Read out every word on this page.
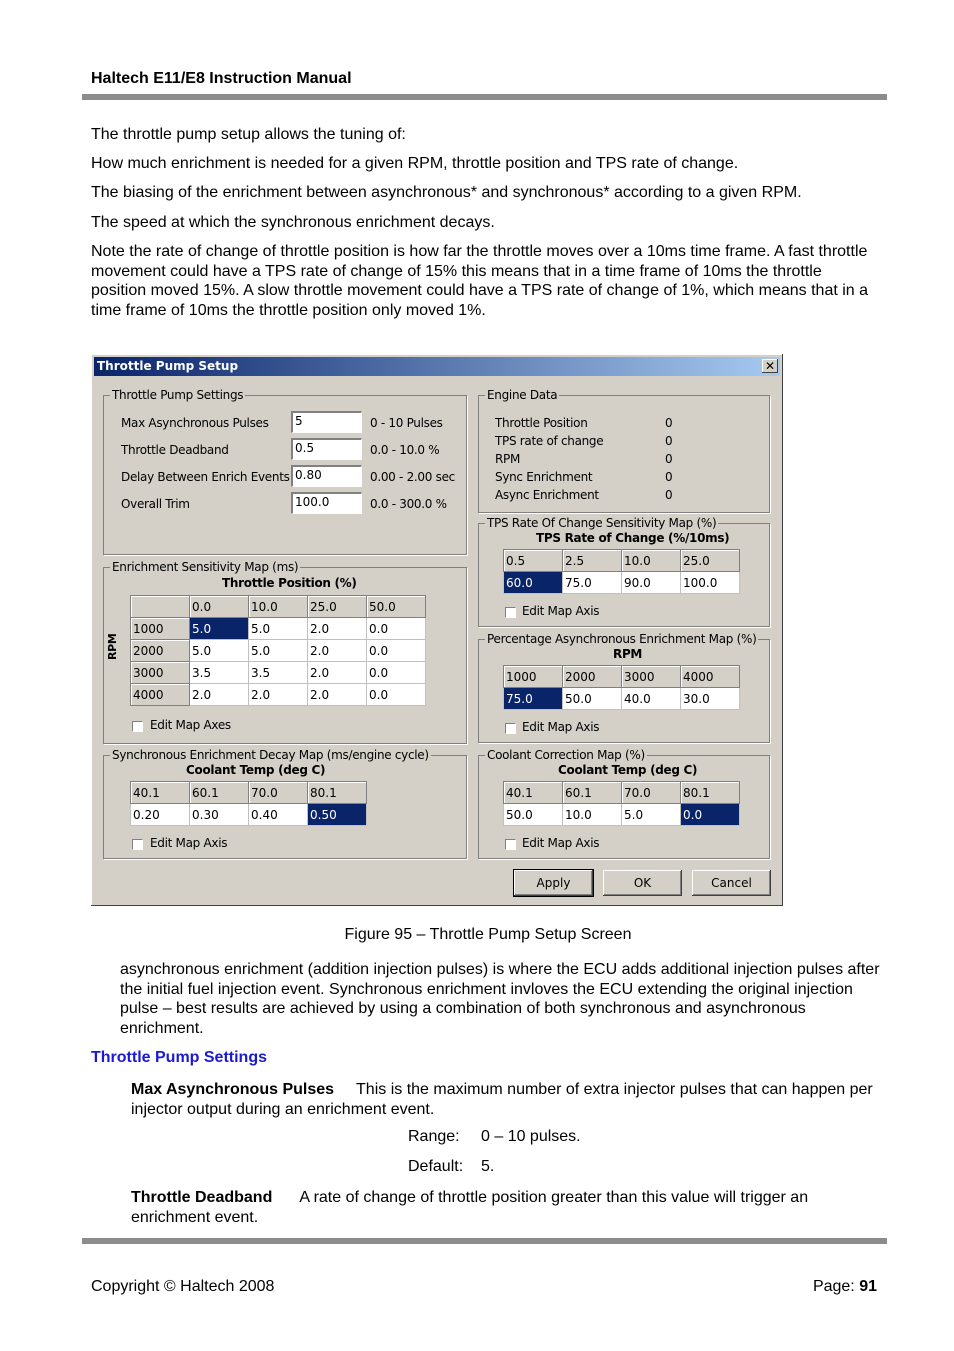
Haltech E11/E8 Instruction Manual
The throttle pump setup allows the tuning of:
How much enrichment is needed for a given RPM, throttle position and TPS rate of change.
The biasing of the enrichment between asynchronous* and synchronous* according to a given RPM.
The speed at which the synchronous enrichment decays.
Note the rate of change of throttle position is how far the throttle moves over a 10ms time frame. A fast throttle movement could have a TPS rate of change of 15% this means that in a time frame of 10ms the throttle position moved 15%. A slow throttle movement could have a TPS rate of change of 1%, which means that in a time frame of 10ms the throttle position only moved 1%.
Throttle Pump Setup	✕
Throttle Pump Settings
Max Asynchronous Pulses	5	0 - 10 Pulses
Throttle Deadband	0.5	0.0 - 10.0 %
Delay Between Enrich Events 0.80	0.00 - 2.00 sec
Overall Trim	100.0	0.0 - 300.0 %
Engine Data
Throttle Position	0
TPS rate of change	0
RPM	0
Sync Enrichment	0
Async Enrichment	0
Enrichment Sensitivity Map (ms)
Throttle Position (%)
RPM
	0.0	10.0	25.0	50.0
1000	5.0	5.0	2.0	0.0
2000	5.0	5.0	2.0	0.0
3000	3.5	3.5	2.0	0.0
4000	2.0	2.0	2.0	0.0
Edit Map Axes
TPS Rate Of Change Sensitivity Map (%)
TPS Rate of Change (%/10ms)
0.5	2.5	10.0	25.0
60.0	75.0	90.0	100.0
Edit Map Axis
Percentage Asynchronous Enrichment Map (%)
RPM
1000	2000	3000	4000
75.0	50.0	40.0	30.0
Edit Map Axis
Synchronous Enrichment Decay Map (ms/engine cycle)
Coolant Temp (deg C)
40.1	60.1	70.0	80.1
0.20	0.30	0.40	0.50
Edit Map Axis
Coolant Correction Map (%)
Coolant Temp (deg C)
40.1	60.1	70.0	80.1
50.0	10.0	5.0	0.0
Edit Map Axis
Apply	OK	Cancel
Figure 95 – Throttle Pump Setup Screen
asynchronous enrichment (addition injection pulses) is where the ECU adds additional injection pulses after the initial fuel injection event. Synchronous enrichment invloves the ECU extending the original injection pulse – best results are achieved by using a combination of both synchronous and asynchronous enrichment.
Throttle Pump Settings
Max Asynchronous Pulses This is the maximum number of extra injector pulses that can happen per injector output during an enrichment event.
Range: 0 – 10 pulses.
Default: 5.
Throttle Deadband A rate of change of throttle position greater than this value will trigger an enrichment event.
Copyright © Haltech 2008	Page: 91
